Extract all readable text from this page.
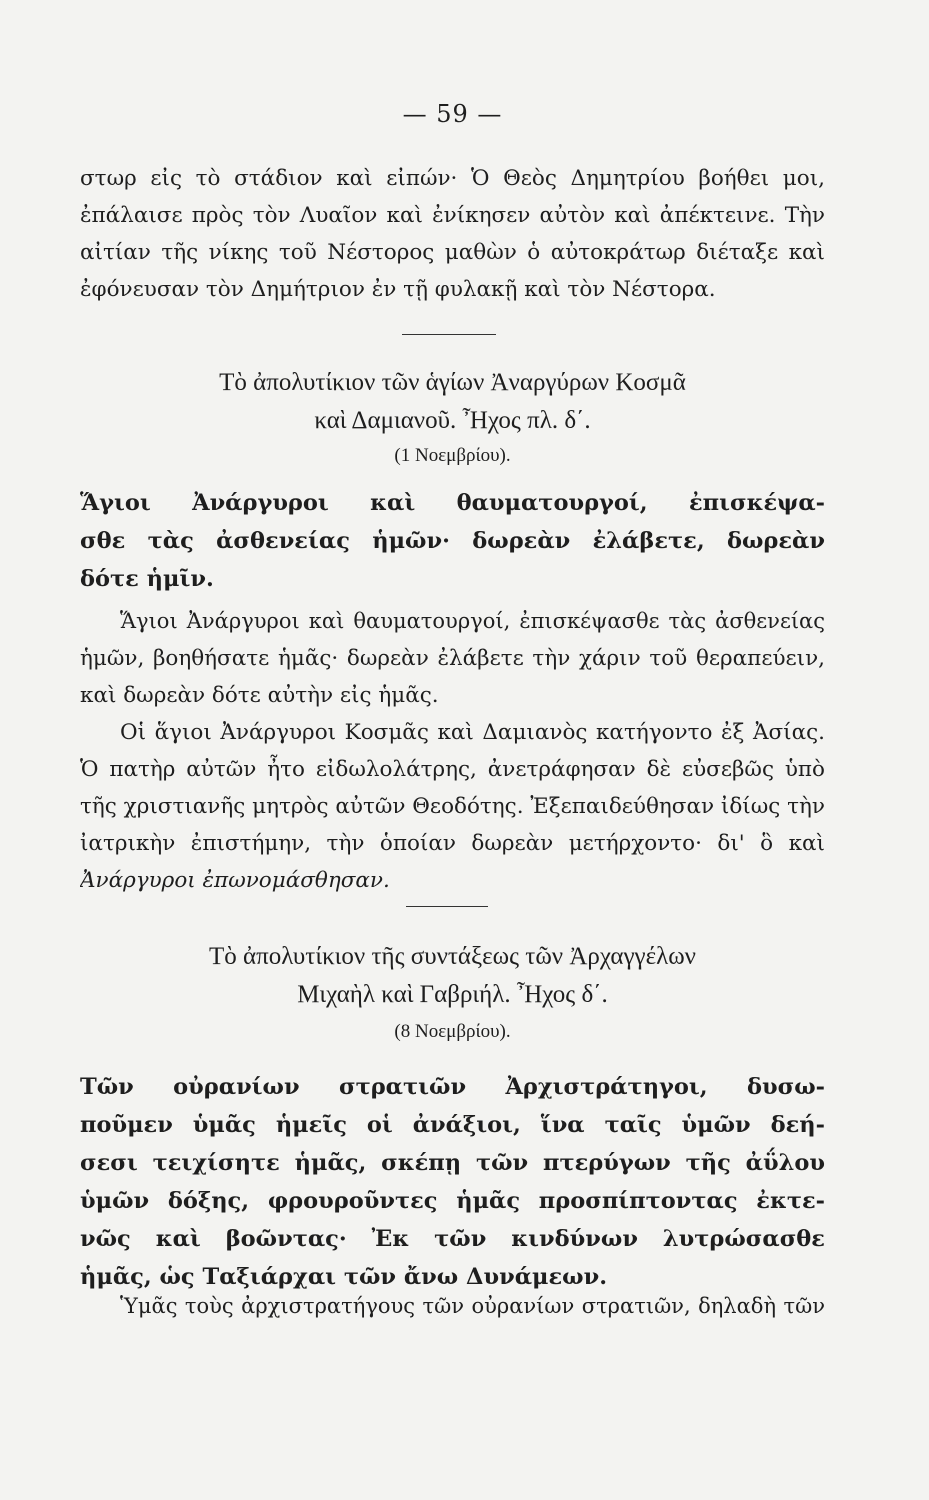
— 59 —
στωρ εἰς τὸ στάδιον καὶ εἰπών· Ὁ Θεὸς Δημητρίου βοήθει μοι,
ἐπάλαισε πρὸς τὸν Λυαῖον καὶ ἐνίκησεν αὐτὸν καὶ ἀπέκτεινε. Τὴν
αἰτίαν τῆς νίκης τοῦ Νέστορος μαθὼν ὁ αὐτοκράτωρ διέταξε καὶ
ἐφόνευσαν τὸν Δημήτριον ἐν τῇ φυλακῇ καὶ τὸν Νέστορα.
Τὸ ἀπολυτίκιον τῶν ἁγίων Ἀναργύρων Κοσμᾶ
καὶ Δαμιανοῦ. Ἦχος πλ. δ΄.
(1 Νοεμβρίου).
Ἅγιοι Ἀνάργυροι καὶ θαυματουργοί, ἐπισκέψα-
σθε τὰς ἀσθενείας ἡμῶν· δωρεὰν ἐλάβετε, δωρεὰν
δότε ἡμῖν.
Ἅγιοι Ἀνάργυροι καὶ θαυματουργοί, ἐπισκέψασθε τὰς ἀσθενείας
ἡμῶν, βοηθήσατε ἡμᾶς· δωρεὰν ἐλάβετε τὴν χάριν τοῦ θεραπεύειν,
καὶ δωρεὰν δότε αὐτὴν εἰς ἡμᾶς.
Οἱ ἅγιοι Ἀνάργυροι Κοσμᾶς καὶ Δαμιανὸς κατήγοντο ἐξ Ἀσίας.
Ὁ πατὴρ αὐτῶν ἦτο εἰδωλολάτρης, ἀνετράφησαν δὲ εὐσεβῶς ὑπὸ
τῆς χριστιανῆς μητρὸς αὐτῶν Θεοδότης. Ἐξεπαιδεύθησαν ἰδίως τὴν
ἰατρικὴν ἐπιστήμην, τὴν ὁποίαν δωρεὰν μετήρχοντο· δι' ὃ καὶ
Ἀνάργυροι ἐπωνομάσθησαν.
Τὸ ἀπολυτίκιον τῆς συντάξεως τῶν Ἀρχαγγέλων
Μιχαὴλ καὶ Γαβριήλ. Ἦχος δ΄.
(8 Νοεμβρίου).
Τῶν οὐρανίων στρατιῶν Ἀρχιστράτηγοι, δυσω-
ποῦμεν ὑμᾶς ἡμεῖς οἱ ἀνάξιοι, ἵνα ταῖς ὑμῶν δεή-
σεσι τειχίσητε ἡμᾶς, σκέπῃ τῶν πτερύγων τῆς ἀΰλου
ὑμῶν δόξης, φρουροῦντες ἡμᾶς προσπίπτοντας ἐκτε-
νῶς καὶ βοῶντας· Ἐκ τῶν κινδύνων λυτρώσασθε
ἡμᾶς, ὡς Ταξιάρχαι τῶν ἄνω Δυνάμεων.
Ὑμᾶς τοὺς ἀρχιστρατήγους τῶν οὐρανίων στρατιῶν, δηλαδὴ τῶν
